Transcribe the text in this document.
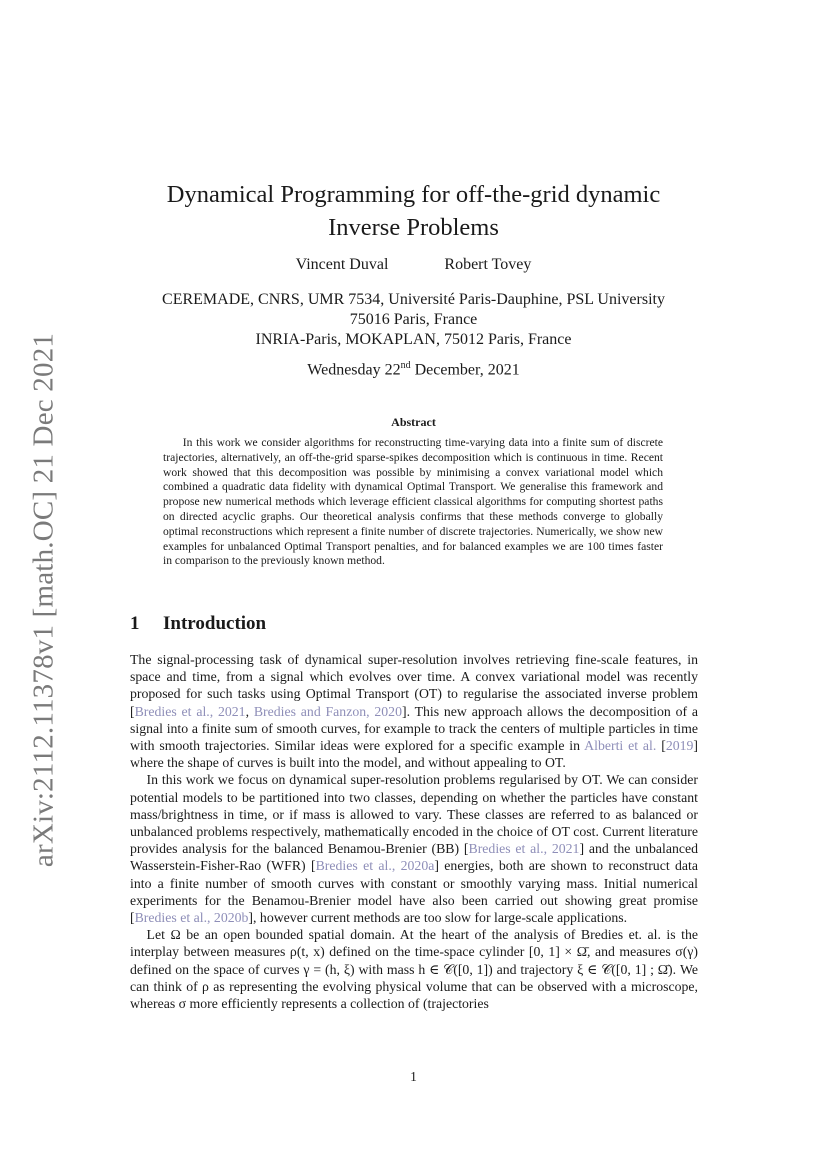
arXiv:2112.11378v1 [math.OC] 21 Dec 2021
Dynamical Programming for off-the-grid dynamic Inverse Problems
Vincent Duval	Robert Tovey
CEREMADE, CNRS, UMR 7534, Université Paris-Dauphine, PSL University
75016 Paris, France
INRIA-Paris, MOKAPLAN, 75012 Paris, France
Wednesday 22nd December, 2021
Abstract
In this work we consider algorithms for reconstructing time-varying data into a finite sum of discrete trajectories, alternatively, an off-the-grid sparse-spikes decomposition which is continuous in time. Recent work showed that this decomposition was possible by minimising a convex variational model which combined a quadratic data fidelity with dynamical Optimal Transport. We generalise this framework and propose new numerical methods which leverage efficient classical algorithms for computing shortest paths on directed acyclic graphs. Our theoretical analysis confirms that these methods converge to globally optimal reconstructions which represent a finite number of discrete trajectories. Numerically, we show new examples for unbalanced Optimal Transport penalties, and for balanced examples we are 100 times faster in comparison to the previously known method.
1 Introduction

The signal-processing task of dynamical super-resolution involves retrieving fine-scale features, in space and time, from a signal which evolves over time. A convex variational model was recently proposed for such tasks using Optimal Transport (OT) to regularise the associated inverse problem [Bredies et al., 2021, Bredies and Fanzon, 2020]. This new approach allows the decomposition of a signal into a finite sum of smooth curves, for example to track the centers of multiple particles in time with smooth trajectories. Similar ideas were explored for a specific example in Alberti et al. [2019] where the shape of curves is built into the model, and without appealing to OT.

In this work we focus on dynamical super-resolution problems regularised by OT. We can consider potential models to be partitioned into two classes, depending on whether the particles have constant mass/brightness in time, or if mass is allowed to vary. These classes are referred to as balanced or unbalanced problems respectively, mathematically encoded in the choice of OT cost. Current literature provides analysis for the balanced Benamou-Brenier (BB) [Bredies et al., 2021] and the unbalanced Wasserstein-Fisher-Rao (WFR) [Bredies et al., 2020a] energies, both are shown to reconstruct data into a finite number of smooth curves with constant or smoothly varying mass. Initial numerical experiments for the Benamou-Brenier model have also been carried out showing great promise [Bredies et al., 2020b], however current methods are too slow for large-scale applications.

Let Ω be an open bounded spatial domain. At the heart of the analysis of Bredies et. al. is the interplay between measures ρ(t, x) defined on the time-space cylinder [0, 1] × Ω̄, and measures σ(γ) defined on the space of curves γ = (h, ξ) with mass h ∈ 𝒞([0, 1]) and trajectory ξ ∈ 𝒞([0, 1] ; Ω̄). We can think of ρ as representing the evolving physical volume that can be observed with a microscope, whereas σ more efficiently represents a collection of (trajectories

1
